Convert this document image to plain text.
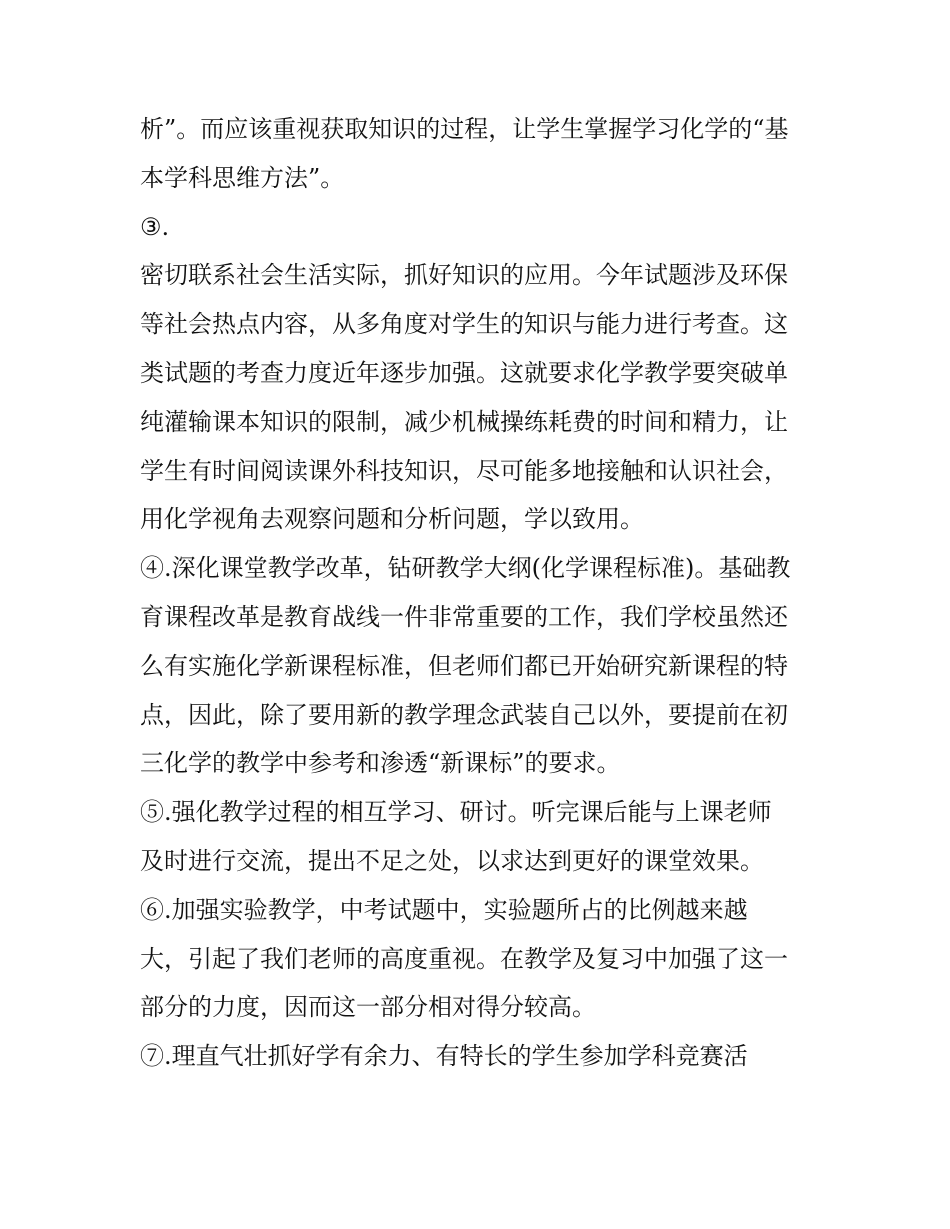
析”。而应该重视获取知识的过程，让学生掌握学习化学的“基
本学科思维方法”。
③.
密切联系社会生活实际，抓好知识的应用。今年试题涉及环保
等社会热点内容，从多角度对学生的知识与能力进行考查。这
类试题的考查力度近年逐步加强。这就要求化学教学要突破单
纯灌输课本知识的限制，减少机械操练耗费的时间和精力，让
学生有时间阅读课外科技知识，尽可能多地接触和认识社会，
用化学视角去观察问题和分析问题，学以致用。
④.深化课堂教学改革，钻研教学大纲(化学课程标准)。基础教
育课程改革是教育战线一件非常重要的工作，我们学校虽然还
么有实施化学新课程标准，但老师们都已开始研究新课程的特
点，因此，除了要用新的教学理念武装自己以外，要提前在初
三化学的教学中参考和渗透“新课标”的要求。
⑤.强化教学过程的相互学习、研讨。听完课后能与上课老师
及时进行交流，提出不足之处，以求达到更好的课堂效果。
⑥.加强实验教学，中考试题中，实验题所占的比例越来越
大，引起了我们老师的高度重视。在教学及复习中加强了这一
部分的力度，因而这一部分相对得分较高。
⑦.理直气壮抓好学有余力、有特长的学生参加学科竞赛活
